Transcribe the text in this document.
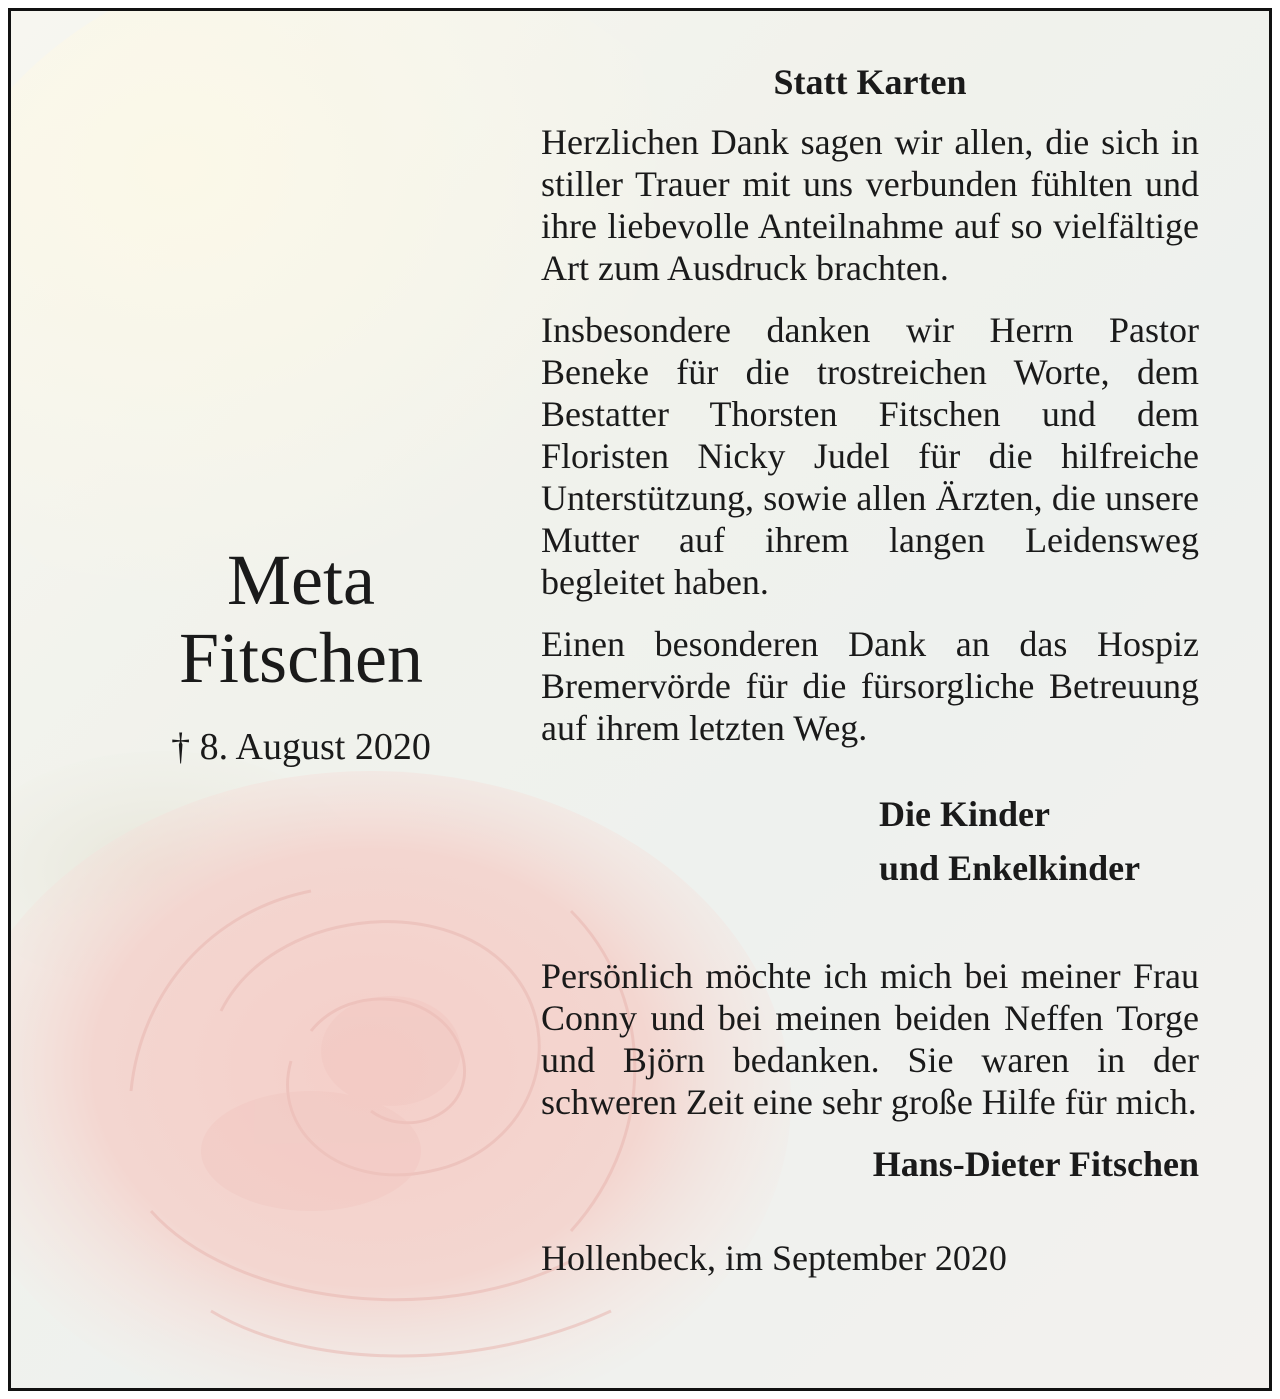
Meta
Fitschen
† 8. August 2020

Statt Karten

Herzlichen Dank sagen wir allen, die sich in stiller Trauer mit uns verbunden fühlten und ihre liebevolle Anteilnahme auf so vielfältige Art zum Ausdruck brachten.

Insbesondere danken wir Herrn Pastor Beneke für die trostreichen Worte, dem Bestatter Thorsten Fitschen und dem Floristen Nicky Judel für die hilfreiche Unterstützung, sowie allen Ärzten, die unsere Mutter auf ihrem langen Leidensweg begleitet haben.

Einen besonderen Dank an das Hospiz Bremervörde für die fürsorgliche Betreuung auf ihrem letzten Weg.

Die Kinder
und Enkelkinder

Persönlich möchte ich mich bei meiner Frau Conny und bei meinen beiden Neffen Torge und Björn bedanken. Sie waren in der schweren Zeit eine sehr große Hilfe für mich.

Hans-Dieter Fitschen

Hollenbeck, im September 2020
